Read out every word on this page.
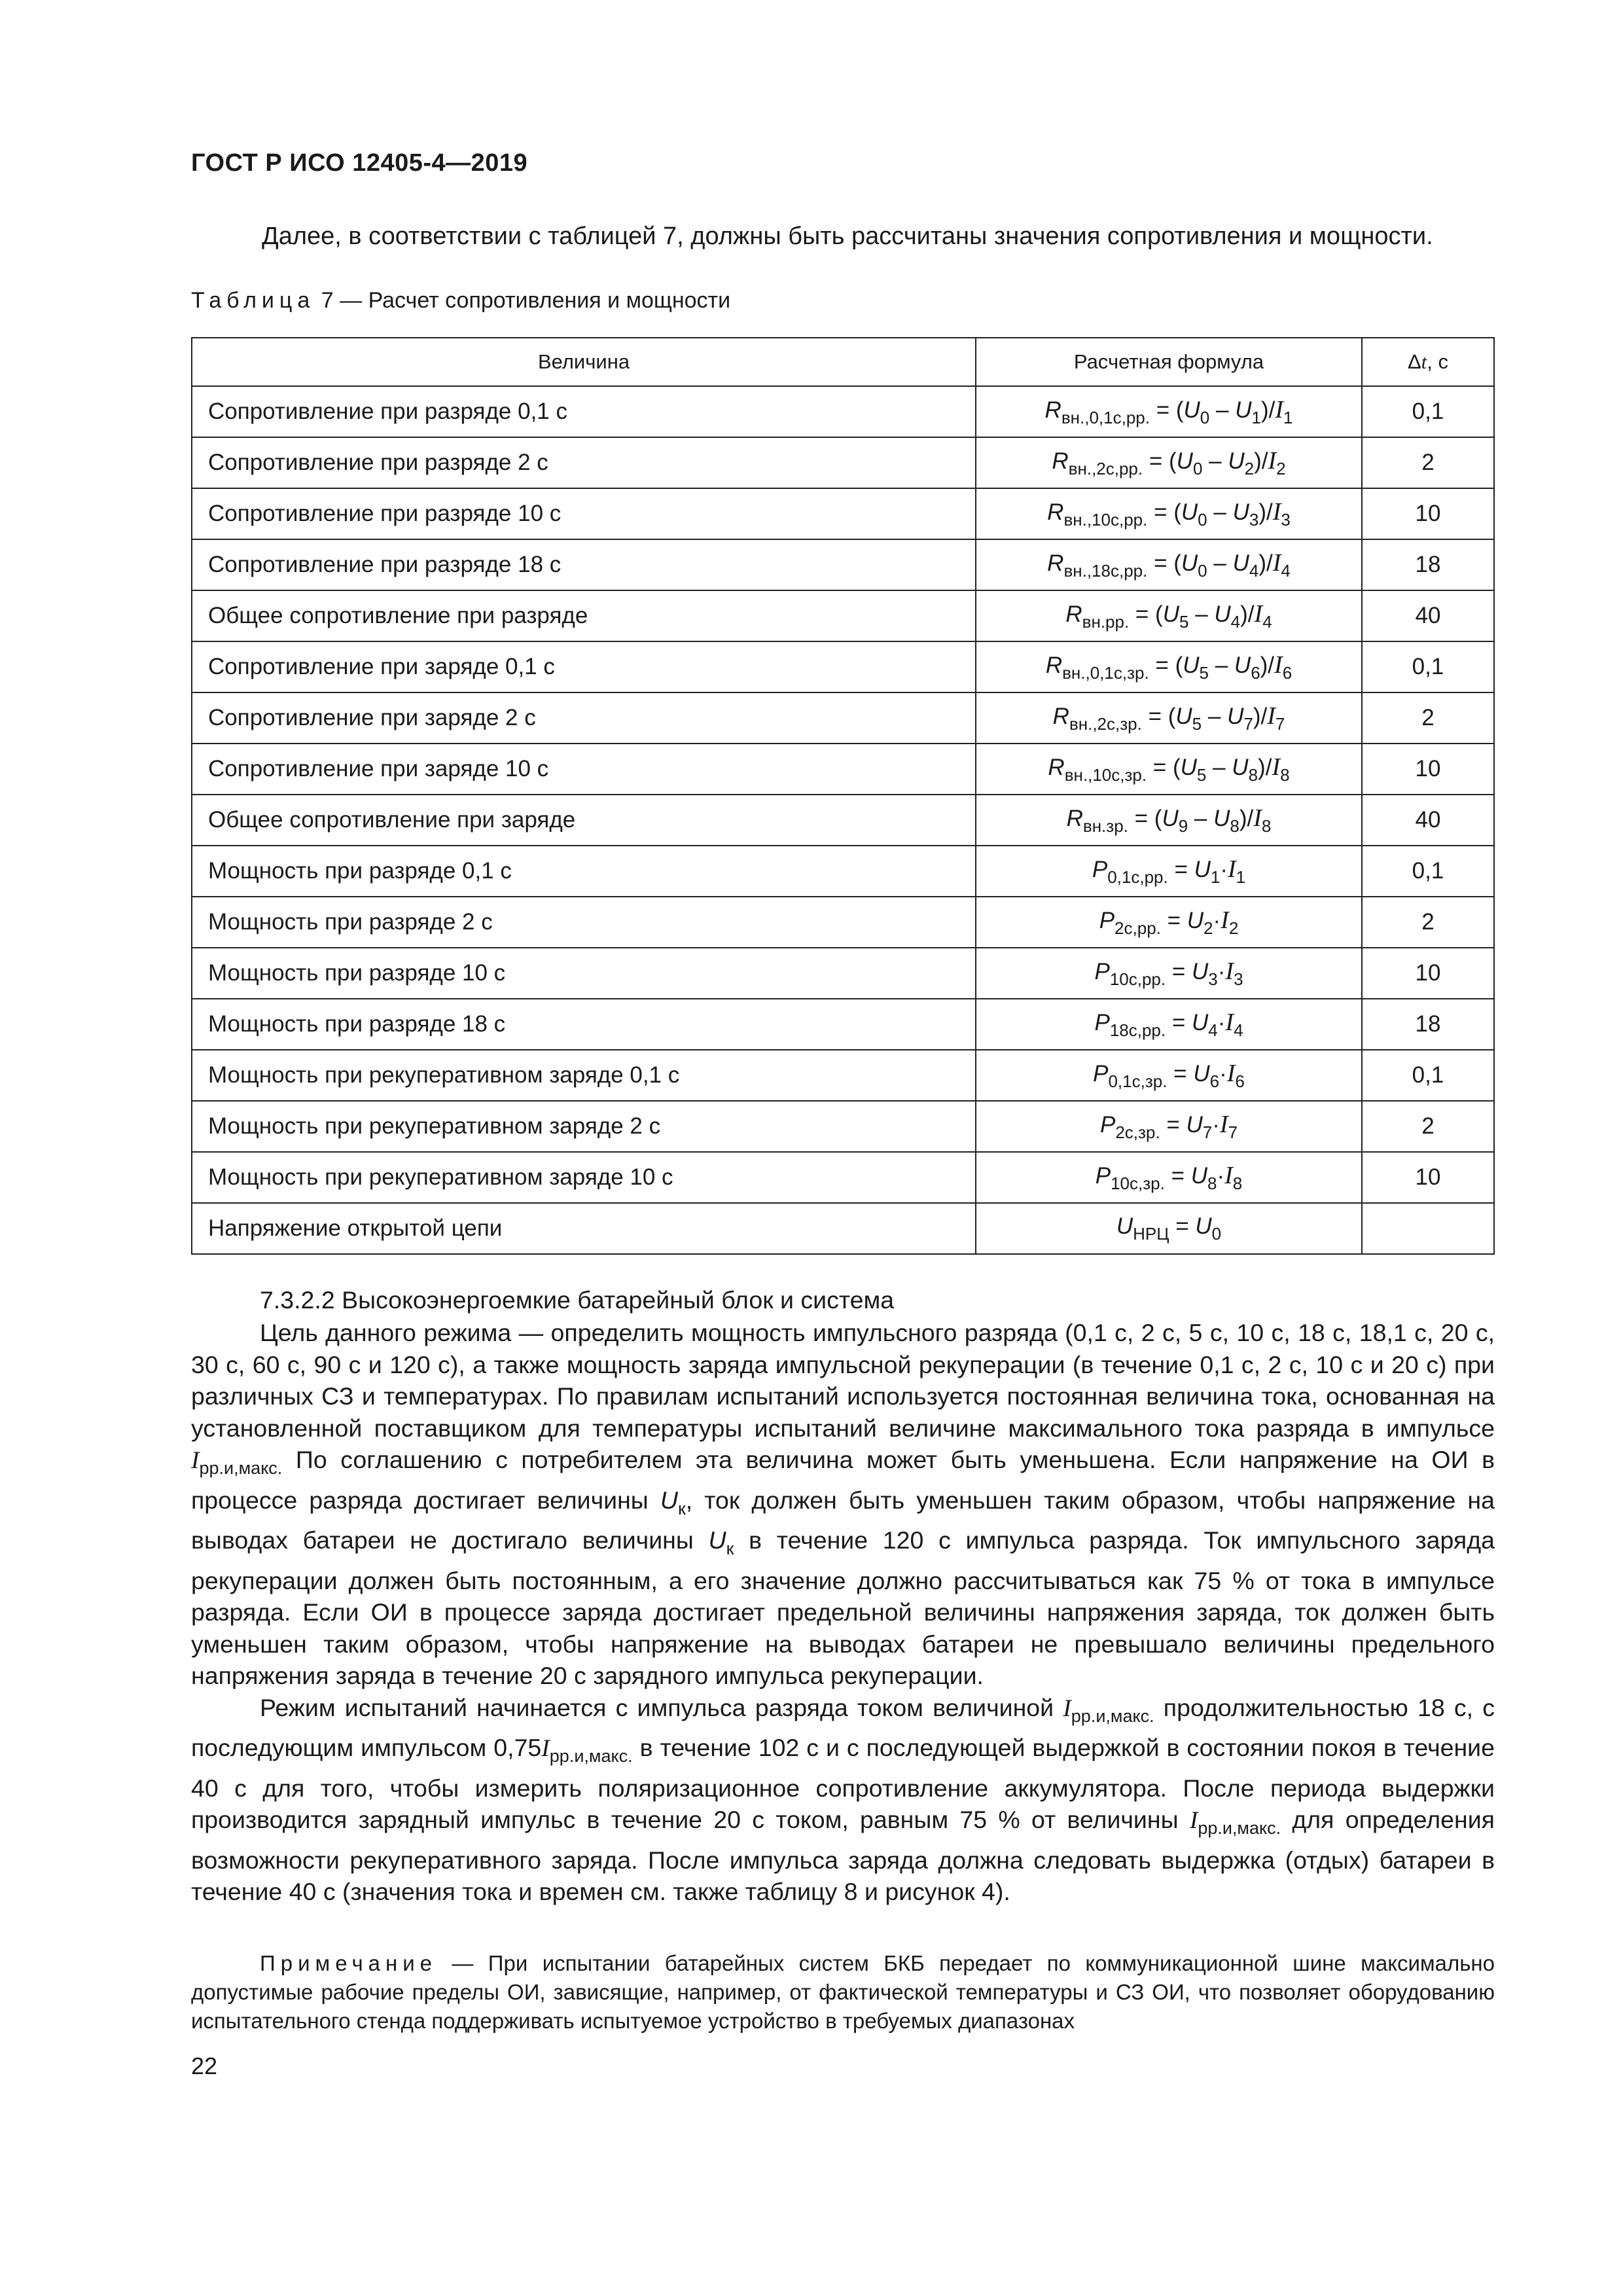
ГОСТ Р ИСО 12405-4—2019
Далее, в соответствии с таблицей 7, должны быть рассчитаны значения сопротивления и мощности.
Таблица 7 — Расчет сопротивления и мощности
Величина	Расчетная формула	Δt, с
Сопротивление при разряде 0,1 с	$R_{вн.,0,1с,рр.} = (U_0 - U_1)/I_1$	0,1
Сопротивление при разряде 2 с	$R_{вн.,2с,рр.} = (U_0 - U_2)/I_2$	2
Сопротивление при разряде 10 с	$R_{вн.,10с,рр.} = (U_0 - U_3)/I_3$	10
Сопротивление при разряде 18 с	$R_{вн.,18с,рр.} = (U_0 - U_4)/I_4$	18
Общее сопротивление при разряде	$R_{вн.рр.} = (U_5 - U_4)/I_4$	40
Сопротивление при заряде 0,1 с	$R_{вн.,0,1с,зр.} = (U_5 - U_6)/I_6$	0,1
Сопротивление при заряде 2 с	$R_{вн.,2с,зр.} = (U_5 - U_7)/I_7$	2
Сопротивление при заряде 10 с	$R_{вн.,10с,зр.} = (U_5 - U_8)/I_8$	10
Общее сопротивление при заряде	$R_{вн.зр.} = (U_9 - U_8)/I_8$	40
Мощность при разряде 0,1 с	$P_{0,1с,рр.} = U_1\cdot I_1$	0,1
Мощность при разряде 2 с	$P_{2с,рр.} = U_2\cdot I_2$	2
Мощность при разряде 10 с	$P_{10с,рр.} = U_3\cdot I_3$	10
Мощность при разряде 18 с	$P_{18с,рр.} = U_4\cdot I_4$	18
Мощность при рекуперативном заряде 0,1 с	$P_{0,1с,зр.} = U_6\cdot I_6$	0,1
Мощность при рекуперативном заряде 2 с	$P_{2с,зр.} = U_7\cdot I_7$	2
Мощность при рекуперативном заряде 10 с	$P_{10с,зр.} = U_8\cdot I_8$	10
Напряжение открытой цепи	$U_{НРЦ} = U_0$	
7.3.2.2 Высокоэнергоемкие батарейный блок и система

Цель данного режима — определить мощность импульсного разряда (0,1 с, 2 с, 5 с, 10 с, 18 с, 18,1 с, 20 с, 30 с, 60 с, 90 с и 120 с), а также мощность заряда импульсной рекуперации (в течение 0,1 с, 2 с, 10 с и 20 с) при различных СЗ и температурах. По правилам испытаний используется постоянная величина тока, основанная на установленной поставщиком для температуры испытаний величине максимального тока разряда в импульсе $I_{рр.и,макс.}$ По соглашению с потребителем эта величина может быть уменьшена. Если напряжение на ОИ в процессе разряда достигает величины $U_к$, ток должен быть уменьшен таким образом, чтобы напряжение на выводах батареи не достигало величины $U_к$ в течение 120 с импульса разряда. Ток импульсного заряда рекуперации должен быть постоянным, а его значение должно рассчитываться как 75 % от тока в импульсе разряда. Если ОИ в процессе заряда достигает предельной величины напряжения заряда, ток должен быть уменьшен таким образом, чтобы напряжение на выводах батареи не превышало величины предельного напряжения заряда в течение 20 с зарядного импульса рекуперации.

Режим испытаний начинается с импульса разряда током величиной $I_{рр.и,макс.}$ продолжительностью 18 с, с последующим импульсом $0,75I_{рр.и,макс.}$ в течение 102 с и с последующей выдержкой в состоянии покоя в течение 40 с для того, чтобы измерить поляризационное сопротивление аккумулятора. После периода выдержки производится зарядный импульс в течение 20 с током, равным 75 % от величины $I_{рр.и,макс.}$ для определения возможности рекуперативного заряда. После импульса заряда должна следовать выдержка (отдых) батареи в течение 40 с (значения тока и времен см. также таблицу 8 и рисунок 4).

Примечание — При испытании батарейных систем БКБ передает по коммуникационной шине максимально допустимые рабочие пределы ОИ, зависящие, например, от фактической температуры и СЗ ОИ, что позволяет оборудованию испытательного стенда поддерживать испытуемое устройство в требуемых диапазонах

22
